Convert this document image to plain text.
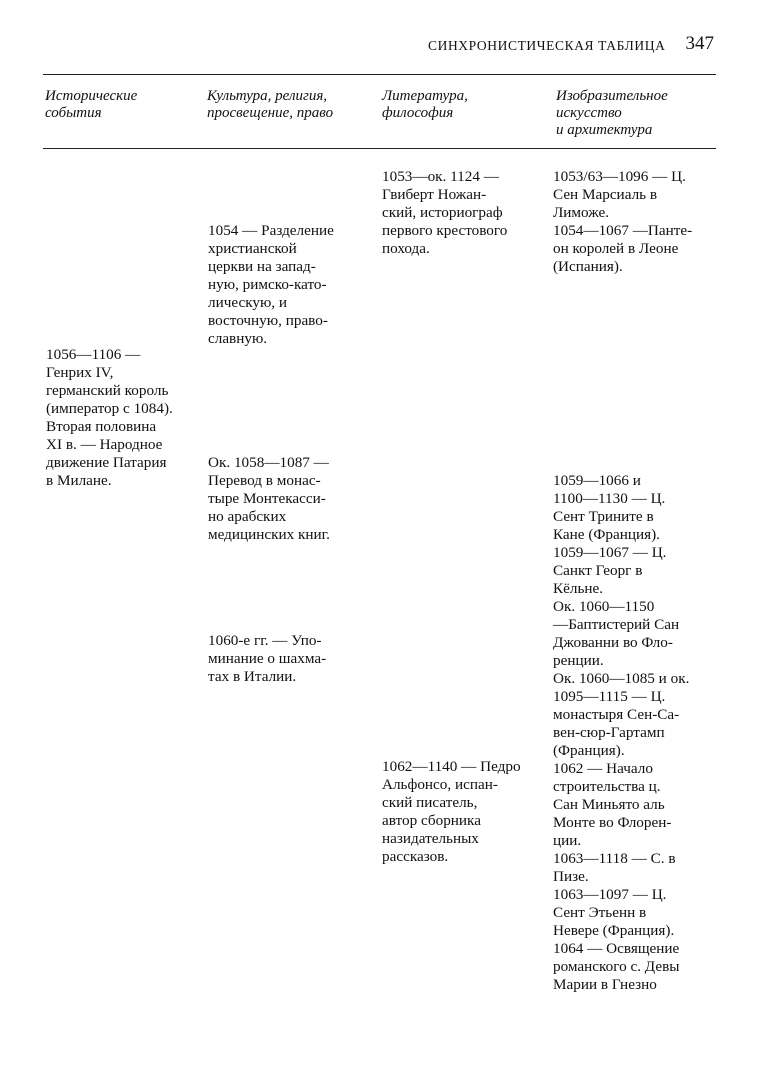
СИНХРОНИСТИЧЕСКАЯ ТАБЛИЦА 347
Исторические
события
Культура, религия,
просвещение, право
Литература,
философия
Изобразительное
искусство
и архитектура
1056—1106 —
Генрих IV,
германский король
(император с 1084).
Вторая половина
XI в. — Народное
движение Патария
в Милане.
1054 — Разделение
христианской
церкви на запад-
ную, римско-като-
лическую, и
восточную, право-
славную.
Ок. 1058—1087 —
Перевод в монас-
тыре Монтекасси-
но арабских
медицинских книг.
1060-е гг. — Упо-
минание о шахма-
тах в Италии.
1053—ок. 1124 —
Гвиберт Ножан-
ский, историограф
первого крестового
похода.
1062—1140 — Педро
Альфонсо, испан-
ский писатель,
автор сборника
назидательных
рассказов.
1053/63—1096 — Ц.
Сен Марсиаль в
Лиможе.
1054—1067 —Панте-
он королей в Леоне
(Испания).
1059—1066 и
1100—1130 — Ц.
Сент Тринитe в
Кане (Франция).
1059—1067 — Ц.
Санкт Георг в
Кёльне.
Ок. 1060—1150
—Баптистерий Сан
Джованни во Фло-
ренции.
Ок. 1060—1085 и ок.
1095—1115 — Ц.
монастыря Сен-Са-
вен-сюр-Гартамп
(Франция).
1062 — Начало
строительства ц.
Сан Миньято аль
Монте во Флорен-
ции.
1063—1118 — С. в
Пизе.
1063—1097 — Ц.
Сент Этьенн в
Невере (Франция).
1064 — Освящение
романского с. Девы
Марии в Гнезно
